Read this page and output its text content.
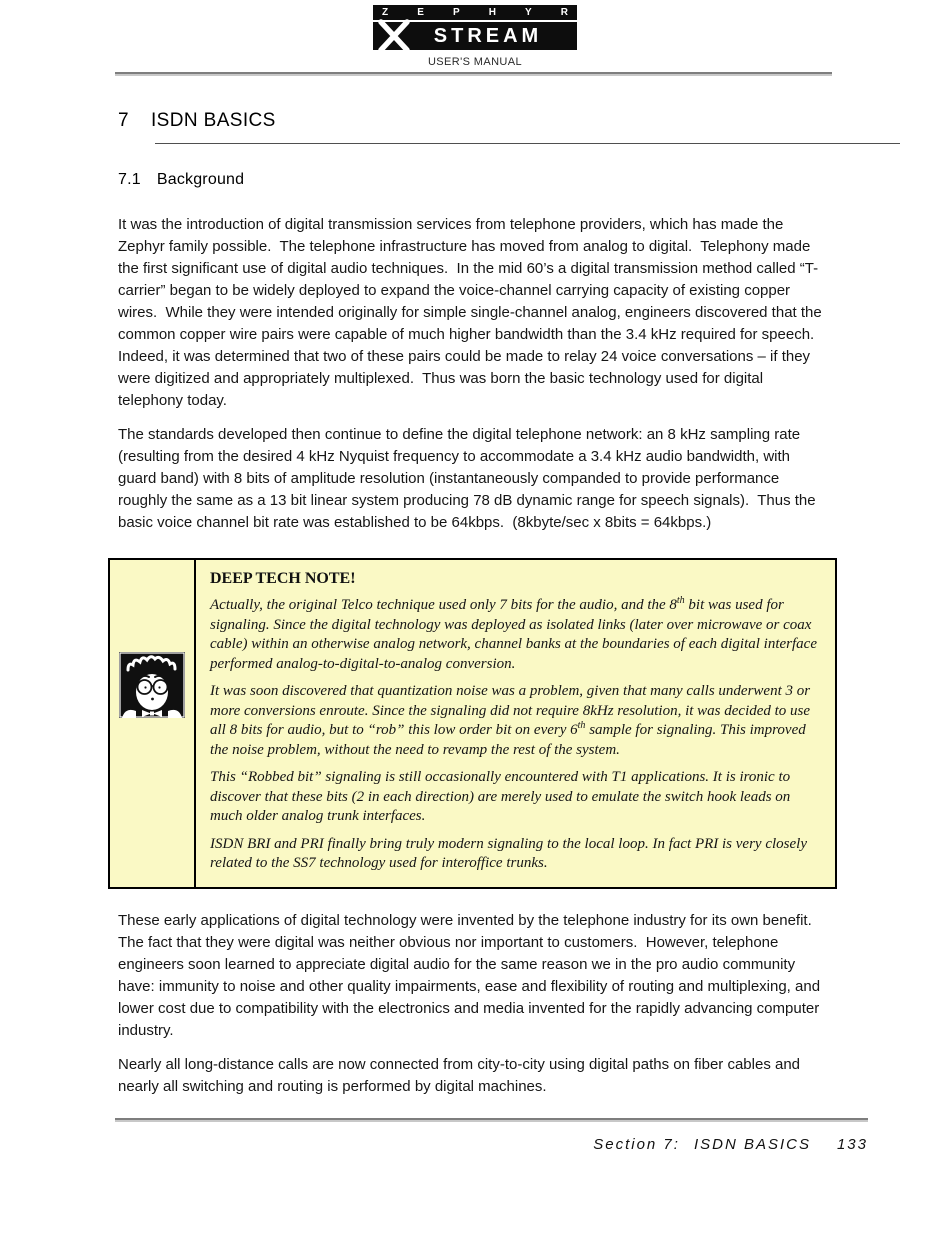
Z	E	P	H	Y	R
STREAM
USER'S MANUAL
7 ISDN BASICS
7.1 Background

It was the introduction of digital transmission services from telephone providers, which has made the Zephyr family possible.  The telephone infrastructure has moved from analog to digital.  Telephony made the first significant use of digital audio techniques.  In the mid 60’s a digital transmission method called “T-carrier” began to be widely deployed to expand the voice-channel carrying capacity of existing copper wires.  While they were intended originally for simple single-channel analog, engineers discovered that the common copper wire pairs were capable of much higher bandwidth than the 3.4 kHz required for speech.  Indeed, it was determined that two of these pairs could be made to relay 24 voice conversations – if they were digitized and appropriately multiplexed.  Thus was born the basic technology used for digital telephony today.

The standards developed then continue to define the digital telephone network: an 8 kHz sampling rate (resulting from the desired 4 kHz Nyquist frequency to accommodate a 3.4 kHz audio bandwidth, with guard band) with 8 bits of amplitude resolution (instantaneously companded to provide performance roughly the same as a 13 bit linear system producing 78 dB dynamic range for speech signals).  Thus the basic voice channel bit rate was established to be 64kbps.  (8kbyte/sec x 8bits = 64kbps.)

DEEP TECH NOTE!

Actually, the original Telco technique used only 7 bits for the audio, and the 8th bit was used for signaling. Since the digital technology was deployed as isolated links (later over microwave or coax cable) within an otherwise analog network, channel banks at the boundaries of each digital interface performed analog-to-digital-to-analog conversion.

It was soon discovered that quantization noise was a problem, given that many calls underwent 3 or more conversions enroute. Since the signaling did not require 8kHz resolution, it was decided to use all 8 bits for audio, but to “rob” this low order bit on every 6th sample for signaling. This improved the noise problem, without the need to revamp the rest of the system.

This “Robbed bit” signaling is still occasionally encountered with T1 applications. It is ironic to discover that these bits (2 in each direction) are merely used to emulate the switch hook leads on much older analog trunk interfaces.

ISDN BRI and PRI finally bring truly modern signaling to the local loop. In fact PRI is very closely related to the SS7 technology used for interoffice trunks.

These early applications of digital technology were invented by the telephone industry for its own benefit.  The fact that they were digital was neither obvious nor important to customers.  However, telephone engineers soon learned to appreciate digital audio for the same reason we in the pro audio community have: immunity to noise and other quality impairments, ease and flexibility of routing and multiplexing, and lower cost due to compatibility with the electronics and media invented for the rapidly advancing computer industry.

Nearly all long-distance calls are now connected from city-to-city using digital paths on fiber cables and nearly all switching and routing is performed by digital machines.

Section 7: ISDN BASICS 133
